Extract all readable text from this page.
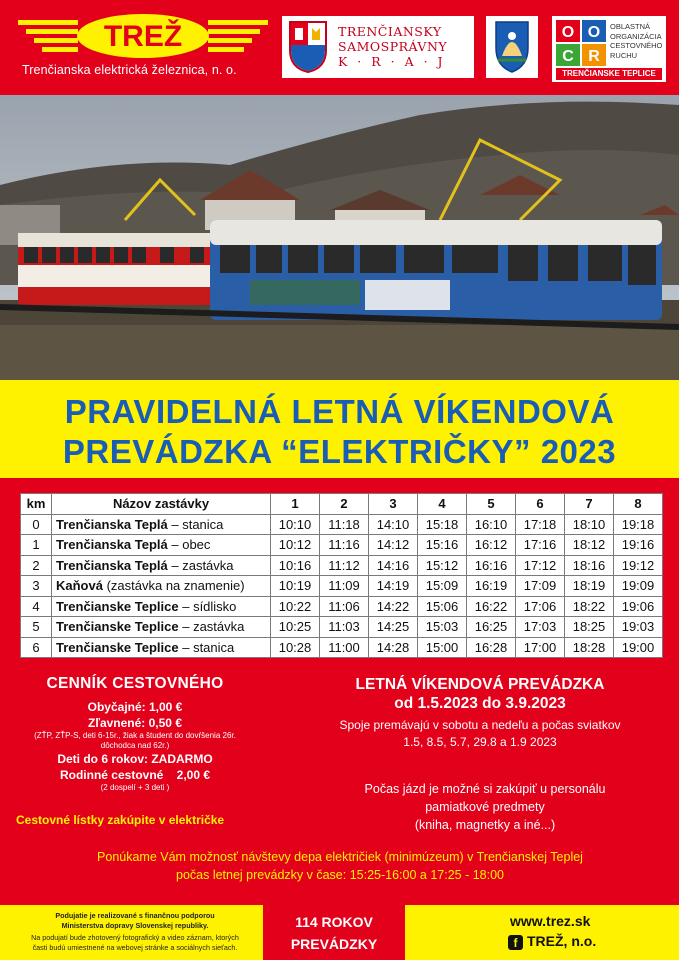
TREŽ
Trenčianska elektrická železnica, n. o.
TRENČIANSKY
SAMOSPRÁVNY
K · R · A · J
O O
C R
OBLASTNÁ
ORGANIZÁCIA
CESTOVNÉHO
RUCHU
TRENČIANSKE TEPLICE
PRAVIDELNÁ LETNÁ VÍKENDOVÁ
PREVÁDZKA “ELEKTRIČKY” 2023
km	Názov zastávky	1	2	3	4	5	6	7	8
0	Trenčianska Teplá – stanica	10:10	11:18	14:10	15:18	16:10	17:18	18:10	19:18
1	Trenčianska Teplá – obec	10:12	11:16	14:12	15:16	16:12	17:16	18:12	19:16
2	Trenčianska Teplá – zastávka	10:16	11:12	14:16	15:12	16:16	17:12	18:16	19:12
3	Kaňová (zastávka na znamenie)	10:19	11:09	14:19	15:09	16:19	17:09	18:19	19:09
4	Trenčianske Teplice – sídlisko	10:22	11:06	14:22	15:06	16:22	17:06	18:22	19:06
5	Trenčianske Teplice – zastávka	10:25	11:03	14:25	15:03	16:25	17:03	18:25	19:03
6	Trenčianske Teplice – stanica	10:28	11:00	14:28	15:00	16:28	17:00	18:28	19:00
CENNÍK CESTOVNÉHO
Obyčajné: 1,00 €
Zľavnené: 0,50 €
(ZŤP, ZŤP-S, deti 6-15r., žiak a študent do dovŕšenia 26r. dôchodca nad 62r.)
Deti do 6 rokov: ZADARMO
Rodinné cestovné    2,00 €
(2 dospelí + 3 deti )
Cestovné lístky zakúpite v električke
LETNÁ VÍKENDOVÁ PREVÁDZKA
od 1.5.2023 do 3.9.2023
Spoje premávajú v sobotu a nedeľu a počas sviatkov
1.5, 8.5, 5.7, 29.8 a 1.9 2023
Počas jázd je možné si zakúpiť u personálu
pamiatkové predmety
(kniha, magnetky a iné...)
Ponúkame Vám možnosť návštevy depa električiek (minimúzeum) v Trenčianskej Teplej
počas letnej prevádzky v čase: 15:25-16:00 a 17:25 - 18:00
Podujatie je realizované s finančnou podporou
Ministerstva dopravy Slovenskej republiky.
Na podujatí bude zhotovený fotografický a video záznam, ktorých
časti budú umiestnené na webovej stránke a sociálnych sieťach.
114 ROKOV
PREVÁDZKY
www.trez.sk
f TREŽ, n.o.
